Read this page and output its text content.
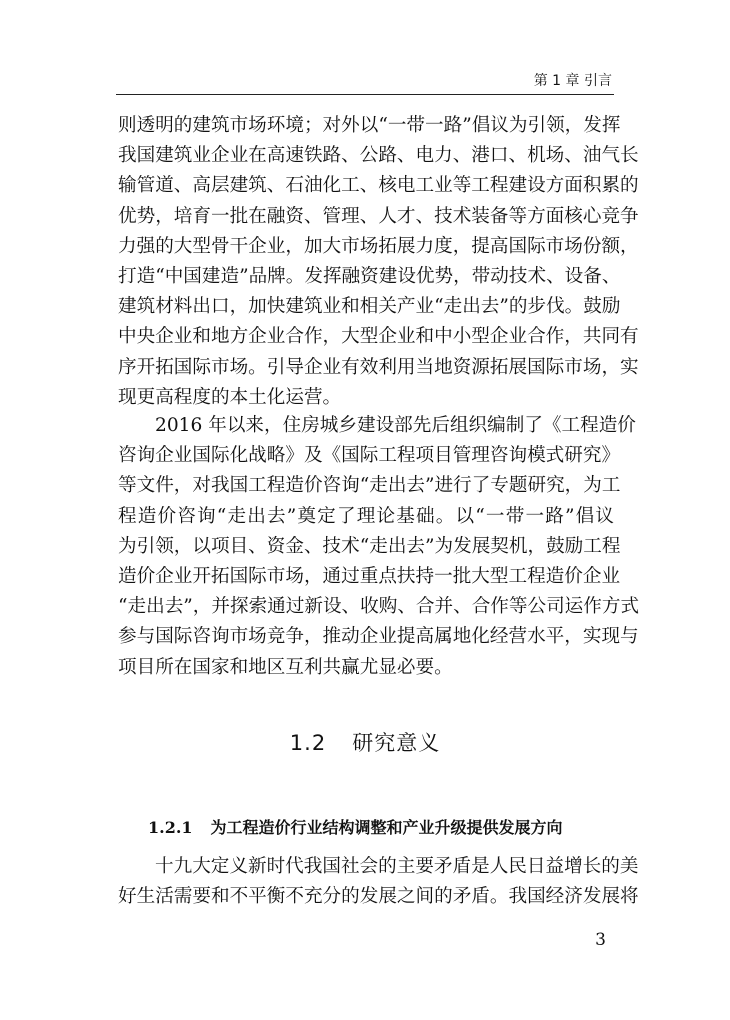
第 1 章 引言
则透明的建筑市场环境；对外以“一带一路”倡议为引领，发挥
我国建筑业企业在高速铁路、公路、电力、港口、机场、油气长
输管道、高层建筑、石油化工、核电工业等工程建设方面积累的
优势，培育一批在融资、管理、人才、技术装备等方面核心竞争
力强的大型骨干企业，加大市场拓展力度，提高国际市场份额，
打造“中国建造”品牌。发挥融资建设优势，带动技术、设备、
建筑材料出口，加快建筑业和相关产业“走出去”的步伐。鼓励
中央企业和地方企业合作，大型企业和中小型企业合作，共同有
序开拓国际市场。引导企业有效利用当地资源拓展国际市场，实
现更高程度的本土化运营。
2016 年以来，住房城乡建设部先后组织编制了《工程造价
咨询企业国际化战略》及《国际工程项目管理咨询模式研究》
等文件，对我国工程造价咨询“走出去”进行了专题研究，为工
程造价咨询“走出去”奠定了理论基础。以“一带一路”倡议
为引领，以项目、资金、技术“走出去”为发展契机，鼓励工程
造价企业开拓国际市场，通过重点扶持一批大型工程造价企业
“走出去”，并探索通过新设、收购、合并、合作等公司运作方式
参与国际咨询市场竞争，推动企业提高属地化经营水平，实现与
项目所在国家和地区互利共赢尤显必要。
1.2 研究意义
1.2.1 为工程造价行业结构调整和产业升级提供发展方向
十九大定义新时代我国社会的主要矛盾是人民日益增长的美
好生活需要和不平衡不充分的发展之间的矛盾。我国经济发展将
3
